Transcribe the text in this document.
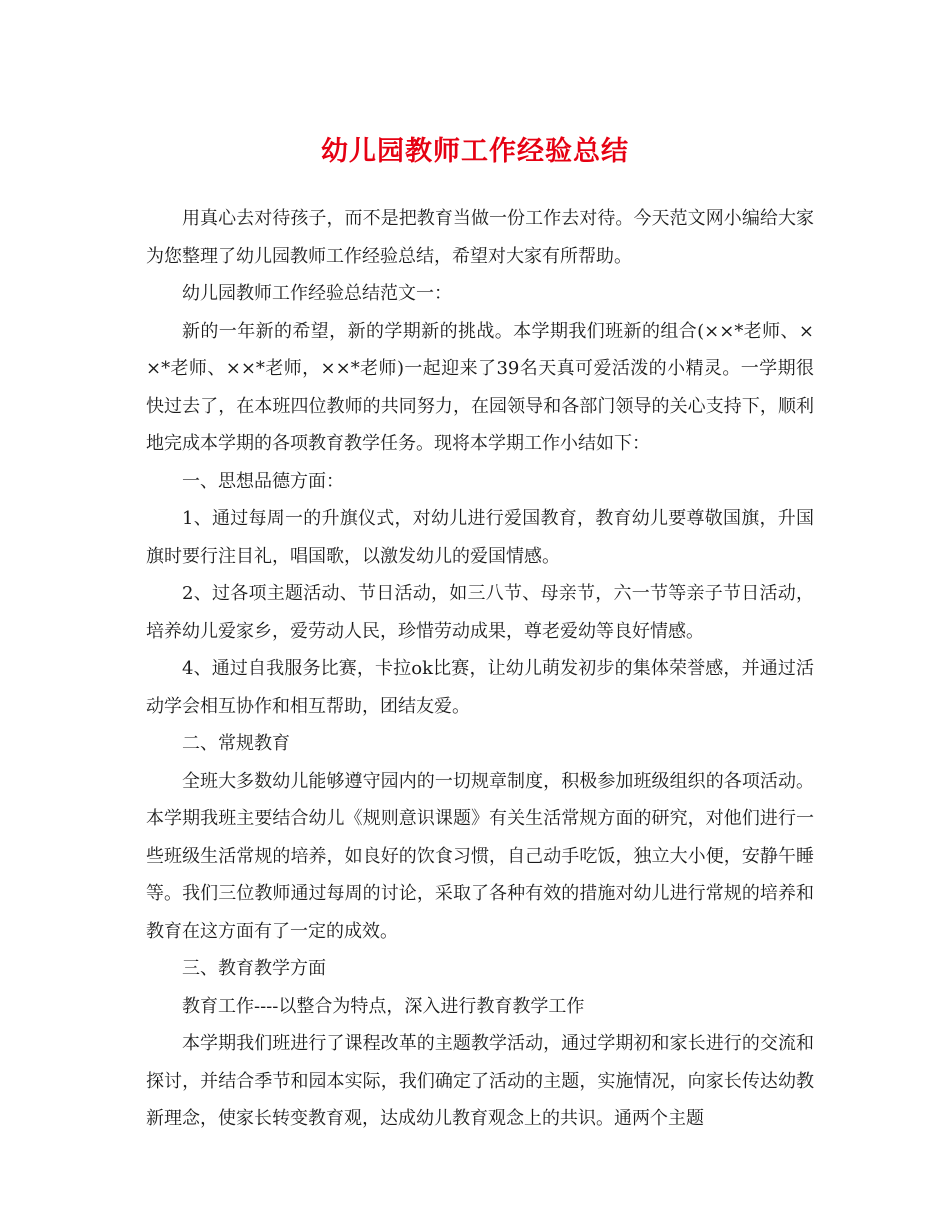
幼儿园教师工作经验总结

用真心去对待孩子，而不是把教育当做一份工作去对待。今天范文网小编给大家为您整理了幼儿园教师工作经验总结，希望对大家有所帮助。

幼儿园教师工作经验总结范文一：

新的一年新的希望，新的学期新的挑战。本学期我们班新的组合(××*老师、××*老师、××*老师，××*老师)一起迎来了39名天真可爱活泼的小精灵。一学期很快过去了，在本班四位教师的共同努力，在园领导和各部门领导的关心支持下，顺利地完成本学期的各项教育教学任务。现将本学期工作小结如下：

一、思想品德方面：

1、通过每周一的升旗仪式，对幼儿进行爱国教育，教育幼儿要尊敬国旗，升国旗时要行注目礼，唱国歌，以激发幼儿的爱国情感。

2、过各项主题活动、节日活动，如三八节、母亲节，六一节等亲子节日活动，培养幼儿爱家乡，爱劳动人民，珍惜劳动成果，尊老爱幼等良好情感。

4、通过自我服务比赛，卡拉ok比赛，让幼儿萌发初步的集体荣誉感，并通过活动学会相互协作和相互帮助，团结友爱。

二、常规教育

全班大多数幼儿能够遵守园内的一切规章制度，积极参加班级组织的各项活动。本学期我班主要结合幼儿《规则意识课题》有关生活常规方面的研究，对他们进行一些班级生活常规的培养，如良好的饮食习惯，自己动手吃饭，独立大小便，安静午睡等。我们三位教师通过每周的讨论，采取了各种有效的措施对幼儿进行常规的培养和教育在这方面有了一定的成效。

三、教育教学方面

教育工作----以整合为特点，深入进行教育教学工作

本学期我们班进行了课程改革的主题教学活动，通过学期初和家长进行的交流和探讨，并结合季节和园本实际，我们确定了活动的主题，实施情况，向家长传达幼教新理念，使家长转变教育观，达成幼儿教育观念上的共识。通两个主题
